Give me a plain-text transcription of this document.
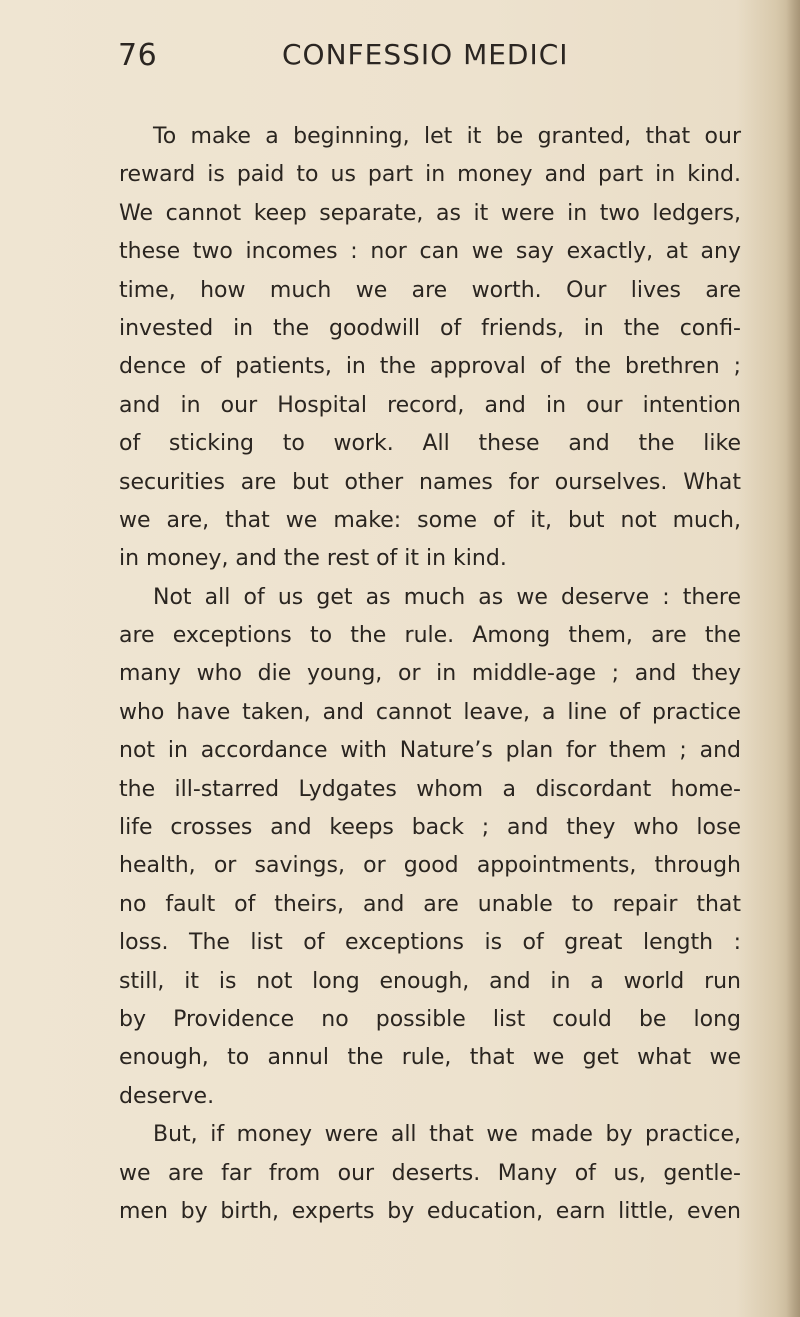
76	CONFESSIO MEDICI
To make a beginning, let it be granted, that our
reward is paid to us part in money and part in kind.
We cannot keep separate, as it were in two ledgers,
these two incomes : nor can we say exactly, at any
time, how much we are worth. Our lives are
invested in the goodwill of friends, in the confi-
dence of patients, in the approval of the brethren ;
and in our Hospital record, and in our intention
of sticking to work. All these and the like
securities are but other names for ourselves. What
we are, that we make: some of it, but not much,
in money, and the rest of it in kind.
Not all of us get as much as we deserve : there
are exceptions to the rule. Among them, are the
many who die young, or in middle-age ; and they
who have taken, and cannot leave, a line of practice
not in accordance with Nature’s plan for them ; and
the ill-starred Lydgates whom a discordant home-
life crosses and keeps back ; and they who lose
health, or savings, or good appointments, through
no fault of theirs, and are unable to repair that
loss. The list of exceptions is of great length :
still, it is not long enough, and in a world run
by Providence no possible list could be long
enough, to annul the rule, that we get what we
deserve.
But, if money were all that we made by practice,
we are far from our deserts. Many of us, gentle-
men by birth, experts by education, earn little, even
